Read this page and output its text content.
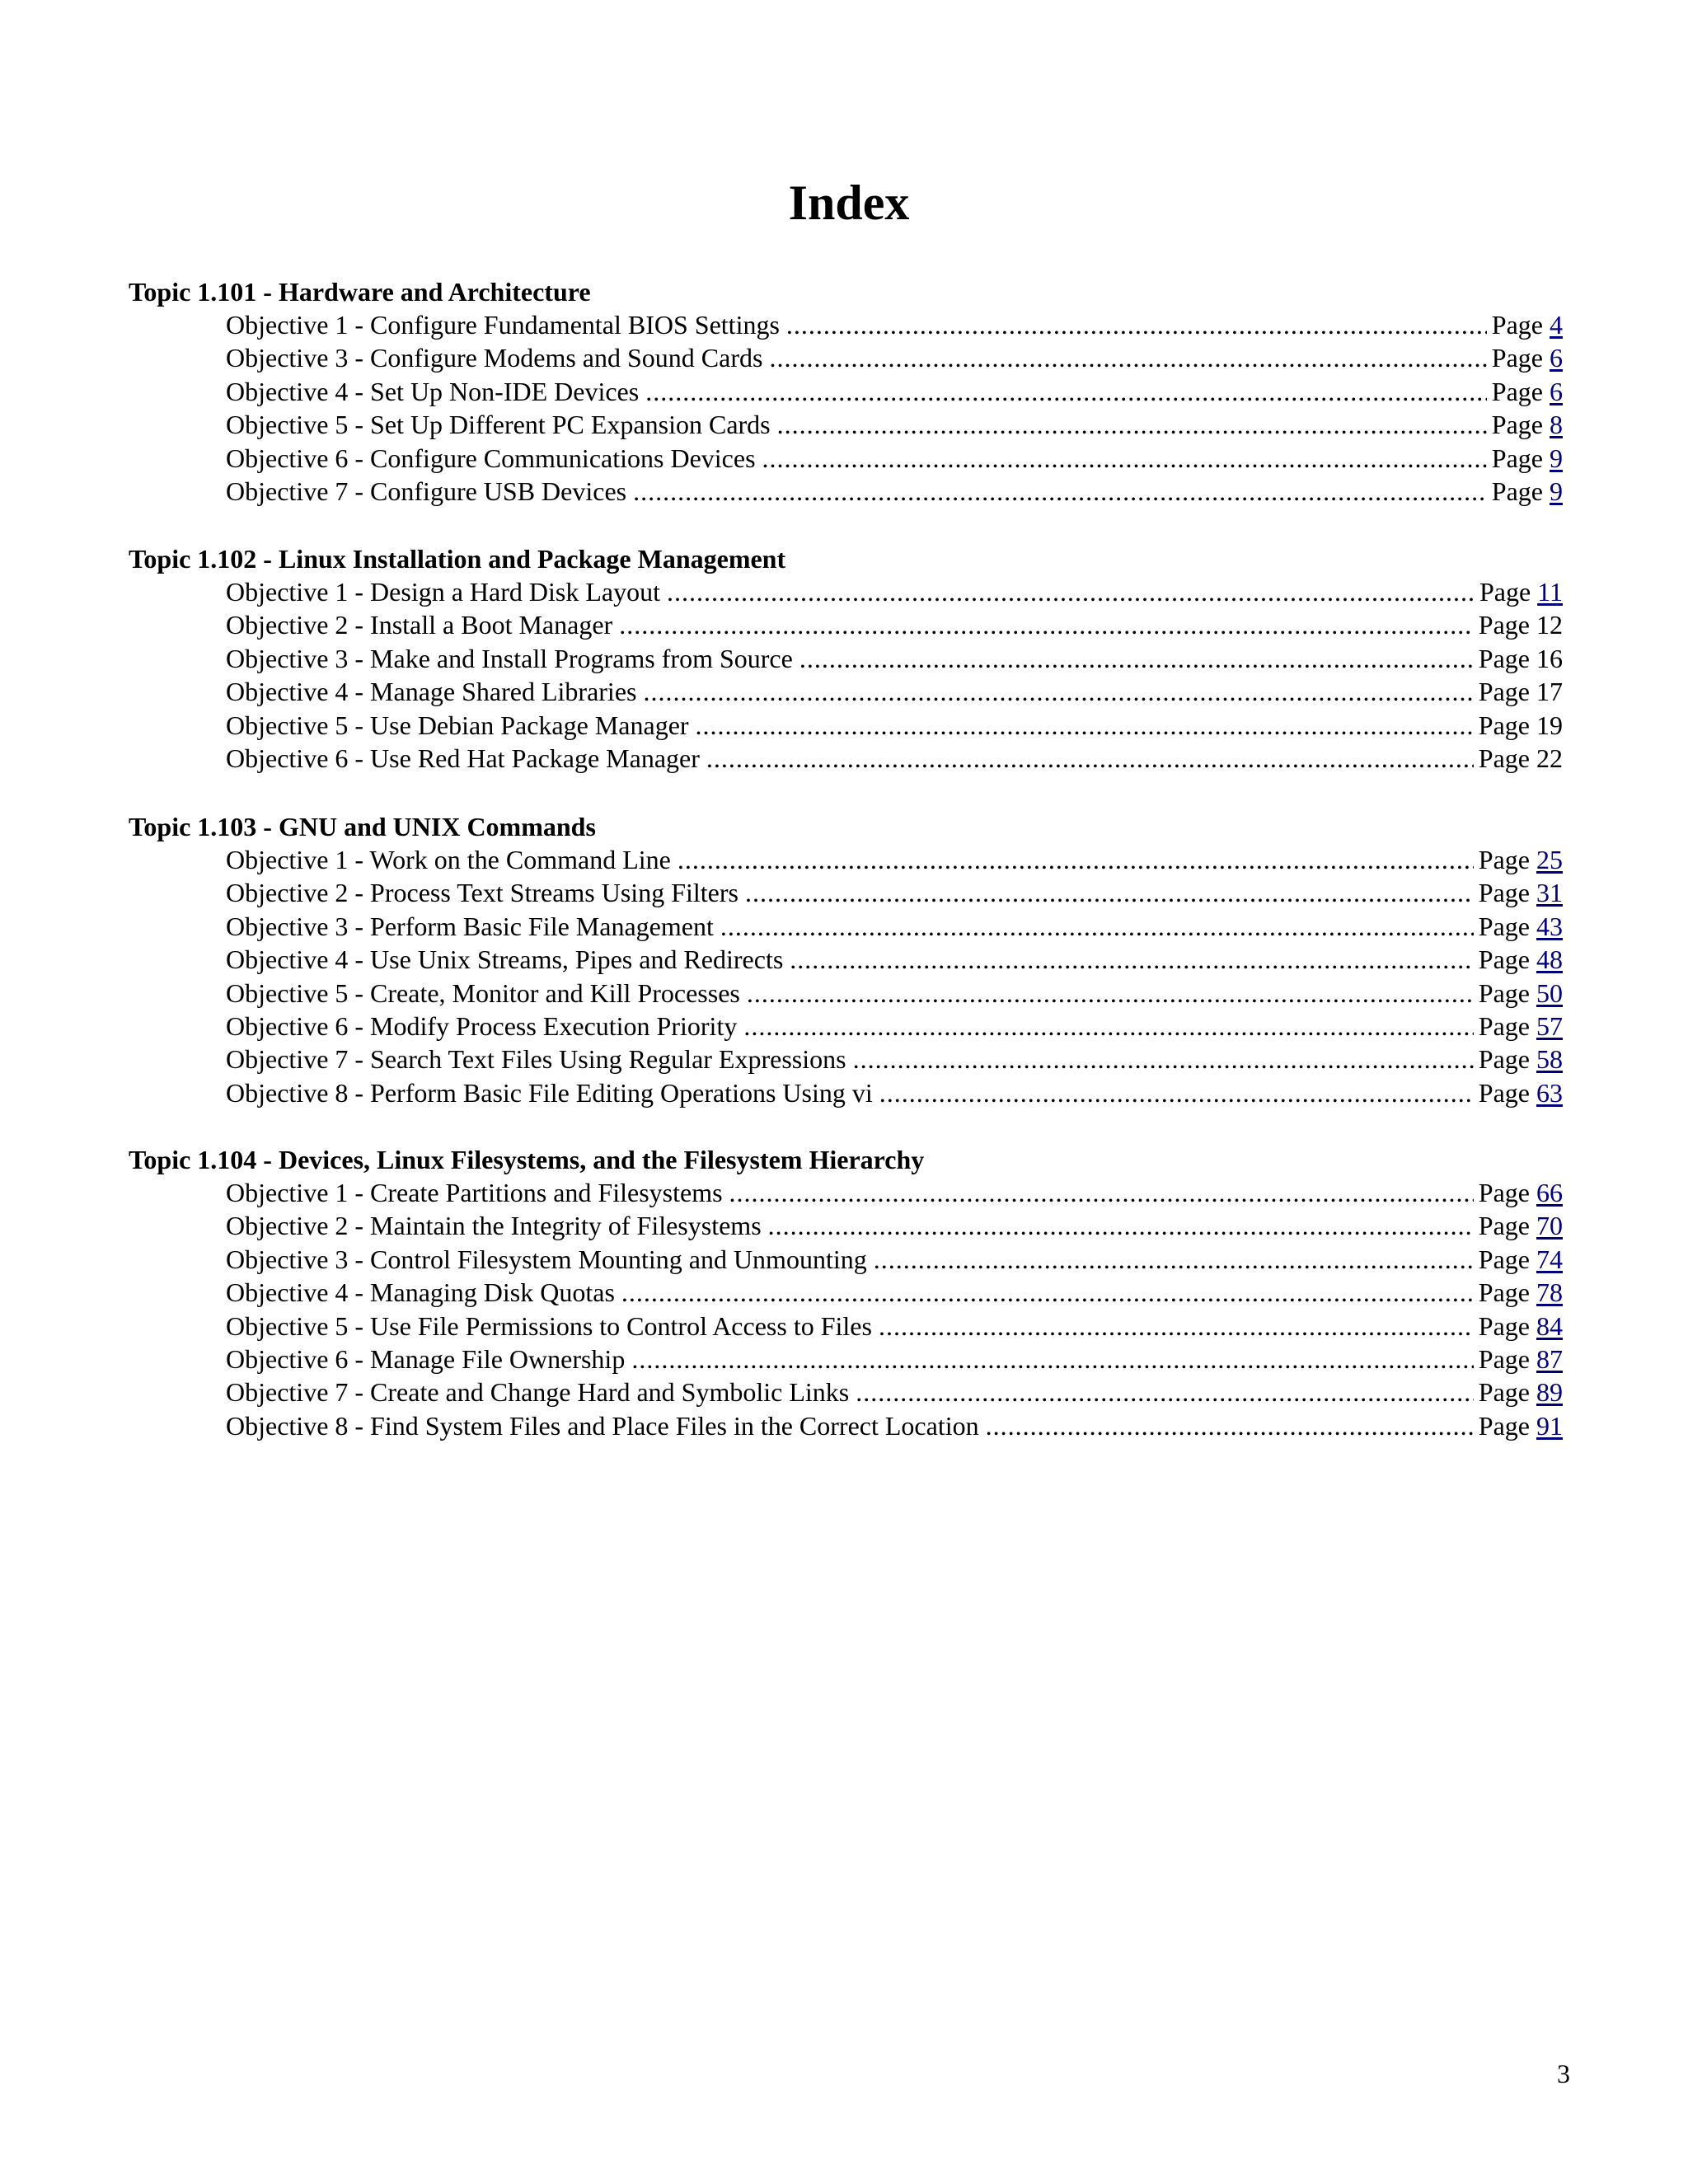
Index
Topic 1.101 - Hardware and Architecture
Objective 1 - Configure Fundamental BIOS Settings .....	Page 4
Objective 3 - Configure Modems and Sound Cards .....	Page 6
Objective 4 - Set Up Non-IDE Devices .....	Page 6
Objective 5 - Set Up Different PC Expansion Cards .....	Page 8
Objective 6 - Configure Communications Devices .....	Page 9
Objective 7 - Configure USB Devices .....	Page 9
Topic 1.102 - Linux Installation and Package Management
Objective 1 - Design a Hard Disk Layout .....	Page 11
Objective 2 - Install a Boot Manager .....	Page 12
Objective 3 - Make and Install Programs from Source .....	Page 16
Objective 4 - Manage Shared Libraries .....	Page 17
Objective 5 - Use Debian Package Manager .....	Page 19
Objective 6 - Use Red Hat Package Manager .....	Page 22
Topic 1.103 - GNU and UNIX Commands
Objective 1 - Work on the Command Line .....	Page 25
Objective 2 - Process Text Streams Using Filters .....	Page 31
Objective 3 - Perform Basic File Management .....	Page 43
Objective 4 - Use Unix Streams, Pipes and Redirects .....	Page 48
Objective 5 - Create, Monitor and Kill Processes .....	Page 50
Objective 6 - Modify Process Execution Priority .....	Page 57
Objective 7 - Search Text Files Using Regular Expressions .....	Page 58
Objective 8 - Perform Basic File Editing Operations Using vi .....	Page 63
Topic 1.104 - Devices, Linux Filesystems, and the Filesystem Hierarchy
Objective 1 - Create Partitions and Filesystems .....	Page 66
Objective 2 - Maintain the Integrity of Filesystems .....	Page 70
Objective 3 - Control Filesystem Mounting and Unmounting .....	Page 74
Objective 4 - Managing Disk Quotas .....	Page 78
Objective 5 - Use File Permissions to Control Access to Files .....	Page 84
Objective 6 - Manage File Ownership .....	Page 87
Objective 7 - Create and Change Hard and Symbolic Links .....	Page 89
Objective 8 - Find System Files and Place Files in the Correct Location .....	Page 91
3
